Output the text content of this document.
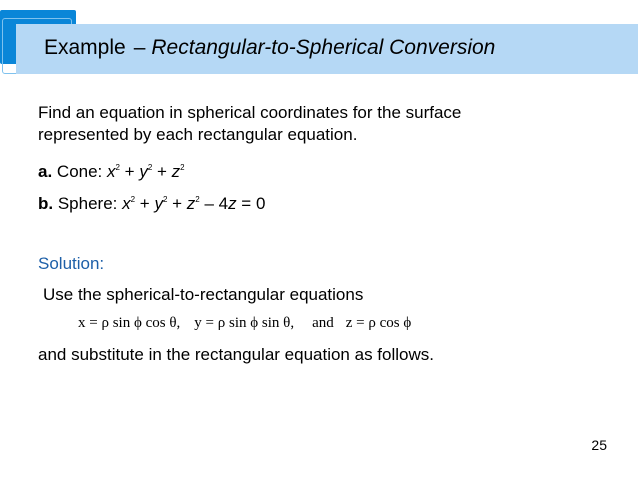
Example – Rectangular-to-Spherical Conversion

Find an equation in spherical coordinates for the surface

represented by each rectangular equation.

a. Cone: $x^2 + y^2 + z^2$

b. Sphere: $x^2 + y^2 + z^2 - 4z = 0$

Solution:

Use the spherical-to-rectangular equations

x = ρ sin ϕ cos θ, y = ρ sin ϕ sin θ, and z = ρ cos ϕ

and substitute in the rectangular equation as follows.

25
